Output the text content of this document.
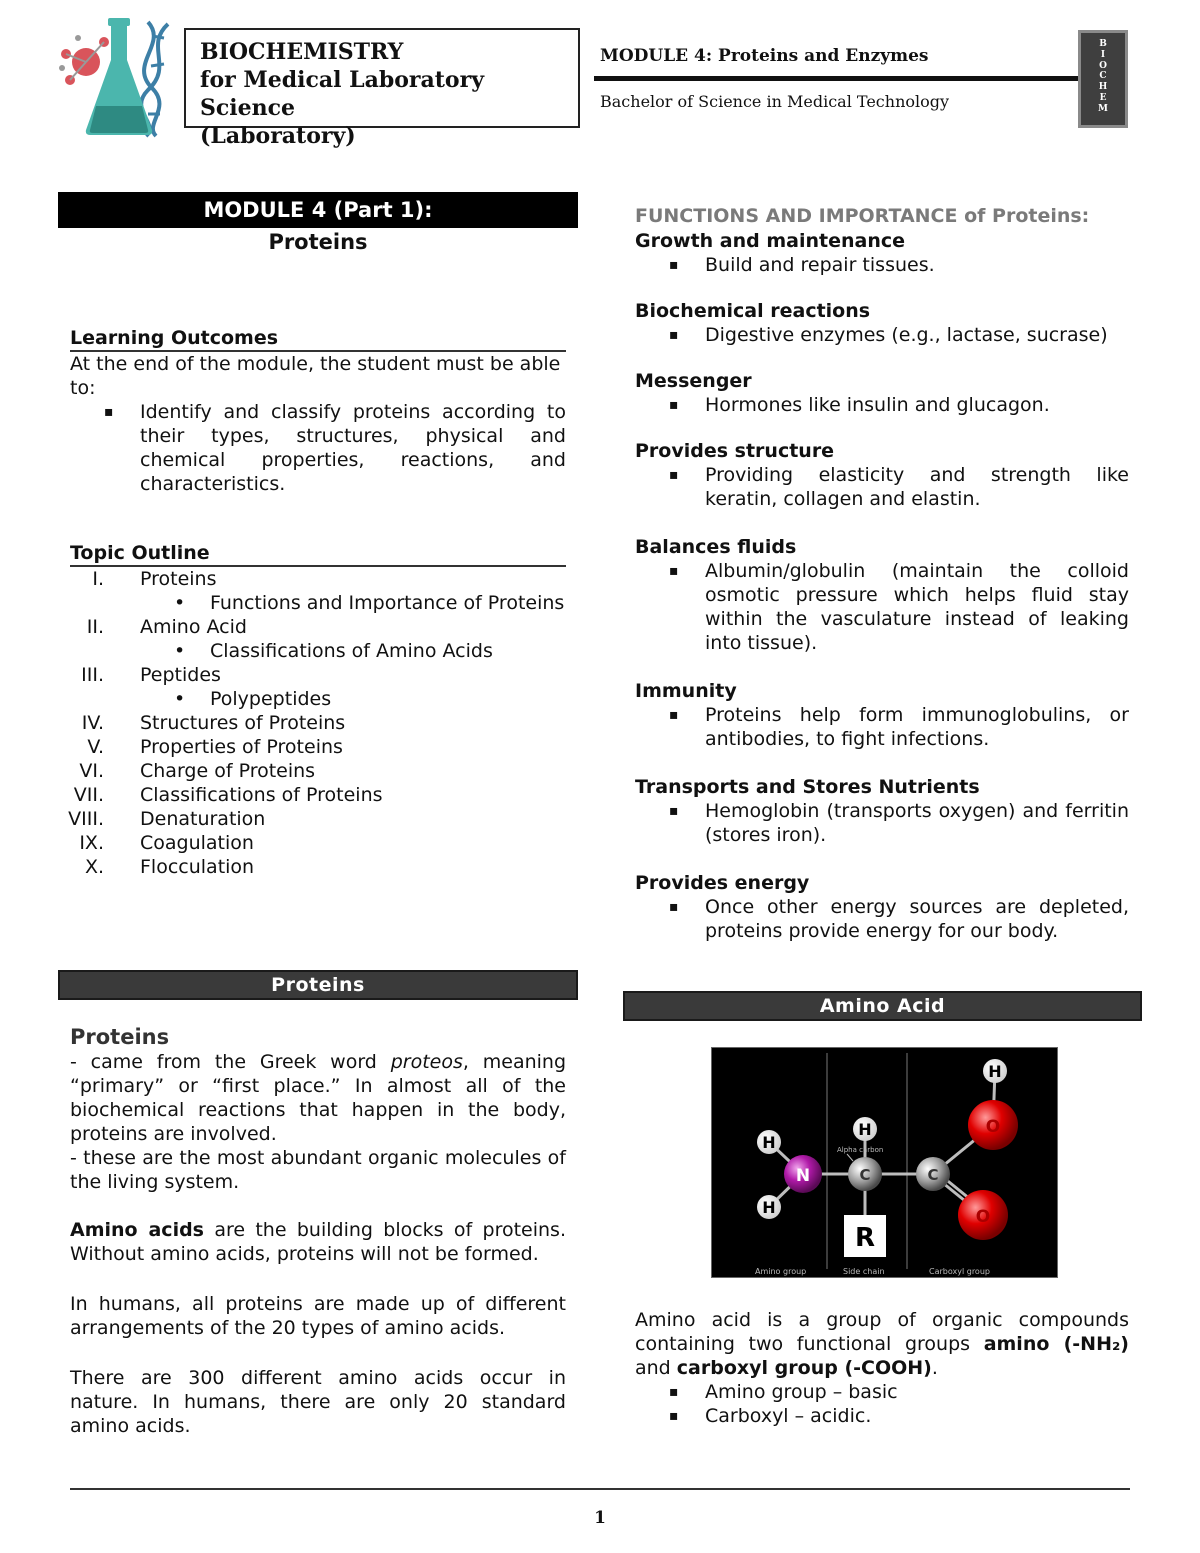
BIOCHEMISTRY
for Medical Laboratory Science
(Laboratory)
MODULE 4: Proteins and Enzymes
Bachelor of Science in Medical Technology
B
I
O
C
H
E
M
MODULE 4 (Part 1):
Proteins
Learning Outcomes
At the end of the module, the student must be able to:
▪ Identify and classify proteins according to their types, structures, physical and chemical properties, reactions, and characteristics.
Topic Outline
I. Proteins
• Functions and Importance of Proteins
II. Amino Acid
• Classifications of Amino Acids
III. Peptides
• Polypeptides
IV. Structures of Proteins
V. Properties of Proteins
VI. Charge of Proteins
VII. Classifications of Proteins
VIII. Denaturation
IX. Coagulation
X. Flocculation
Proteins
Proteins
- came from the Greek word proteos, meaning “primary” or “first place.” In almost all of the biochemical reactions that happen in the body, proteins are involved.
- these are the most abundant organic molecules of the living system.
Amino acids are the building blocks of proteins. Without amino acids, proteins will not be formed.
In humans, all proteins are made up of different arrangements of the 20 types of amino acids.
There are 300 different amino acids occur in nature. In humans, there are only 20 standard amino acids.
FUNCTIONS AND IMPORTANCE of Proteins:
Growth and maintenance
▪ Build and repair tissues.
Biochemical reactions
▪ Digestive enzymes (e.g., lactase, sucrase)
Messenger
▪ Hormones like insulin and glucagon.
Provides structure
▪ Providing elasticity and strength like keratin, collagen and elastin.
Balances fluids
▪ Albumin/globulin (maintain the colloid osmotic pressure which helps fluid stay within the vasculature instead of leaking into tissue).
Immunity
▪ Proteins help form immunoglobulins, or antibodies, to fight infections.
Transports and Stores Nutrients
▪ Hemoglobin (transports oxygen) and ferritin (stores iron).
Provides energy
▪ Once other energy sources are depleted, proteins provide energy for our body.
Amino Acid
H
H
N
H
C
Alpha carbon
R
C
O
O
H
Amino group	Side chain	Carboxyl group
Amino acid is a group of organic compounds containing two functional groups amino (-NH₂) and carboxyl group (-COOH).
▪ Amino group – basic
▪ Carboxyl – acidic.
1
